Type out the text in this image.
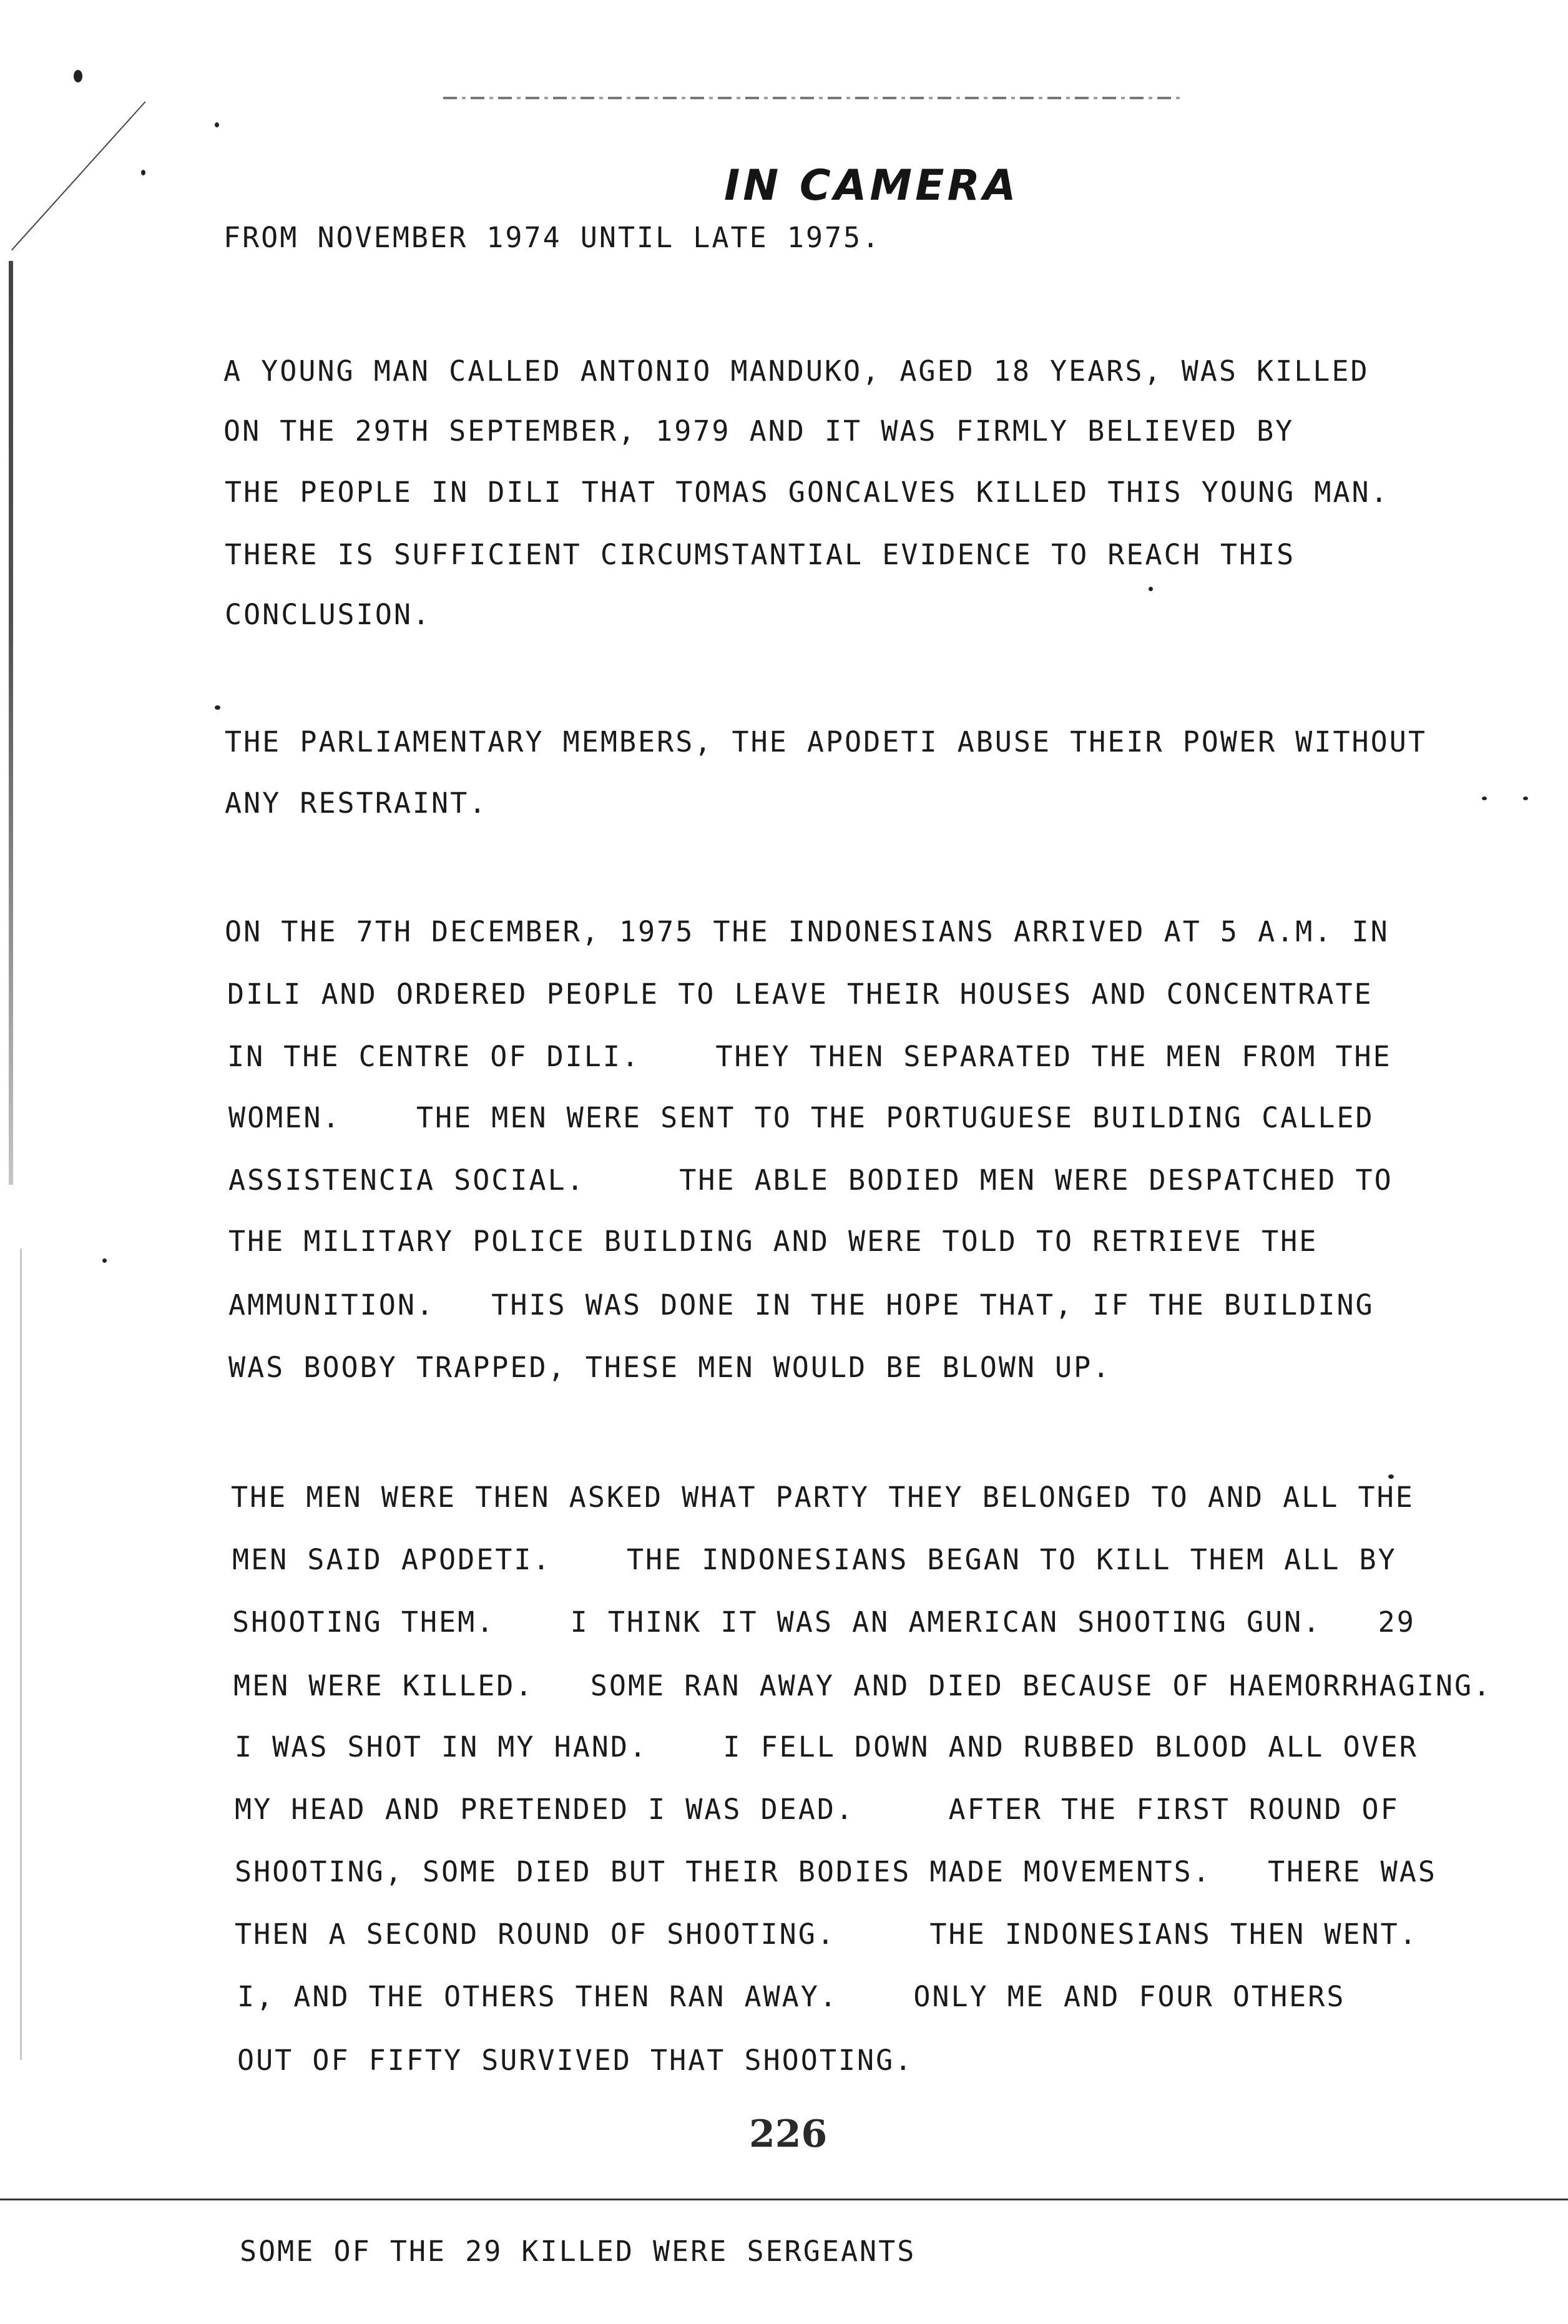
IN CAMERA
FROM NOVEMBER 1974 UNTIL LATE 1975.
A YOUNG MAN CALLED ANTONIO MANDUKO, AGED 18 YEARS, WAS KILLED
ON THE 29TH SEPTEMBER, 1979 AND IT WAS FIRMLY BELIEVED BY
THE PEOPLE IN DILI THAT TOMAS GONCALVES KILLED THIS YOUNG MAN.
THERE IS SUFFICIENT CIRCUMSTANTIAL EVIDENCE TO REACH THIS
CONCLUSION.
THE PARLIAMENTARY MEMBERS, THE APODETI ABUSE THEIR POWER WITHOUT
ANY RESTRAINT.
ON THE 7TH DECEMBER, 1975 THE INDONESIANS ARRIVED AT 5 A.M. IN
DILI AND ORDERED PEOPLE TO LEAVE THEIR HOUSES AND CONCENTRATE
IN THE CENTRE OF DILI.    THEY THEN SEPARATED THE MEN FROM THE
WOMEN.    THE MEN WERE SENT TO THE PORTUGUESE BUILDING CALLED
ASSISTENCIA SOCIAL.     THE ABLE BODIED MEN WERE DESPATCHED TO
THE MILITARY POLICE BUILDING AND WERE TOLD TO RETRIEVE THE
AMMUNITION.   THIS WAS DONE IN THE HOPE THAT, IF THE BUILDING
WAS BOOBY TRAPPED, THESE MEN WOULD BE BLOWN UP.
THE MEN WERE THEN ASKED WHAT PARTY THEY BELONGED TO AND ALL THE
MEN SAID APODETI.    THE INDONESIANS BEGAN TO KILL THEM ALL BY
SHOOTING THEM.    I THINK IT WAS AN AMERICAN SHOOTING GUN.   29
MEN WERE KILLED.   SOME RAN AWAY AND DIED BECAUSE OF HAEMORRHAGING.
I WAS SHOT IN MY HAND.    I FELL DOWN AND RUBBED BLOOD ALL OVER
MY HEAD AND PRETENDED I WAS DEAD.     AFTER THE FIRST ROUND OF
SHOOTING, SOME DIED BUT THEIR BODIES MADE MOVEMENTS.   THERE WAS
THEN A SECOND ROUND OF SHOOTING.     THE INDONESIANS THEN WENT.
I, AND THE OTHERS THEN RAN AWAY.    ONLY ME AND FOUR OTHERS
OUT OF FIFTY SURVIVED THAT SHOOTING.
226

SOME OF THE 29 KILLED WERE SERGEANTS
